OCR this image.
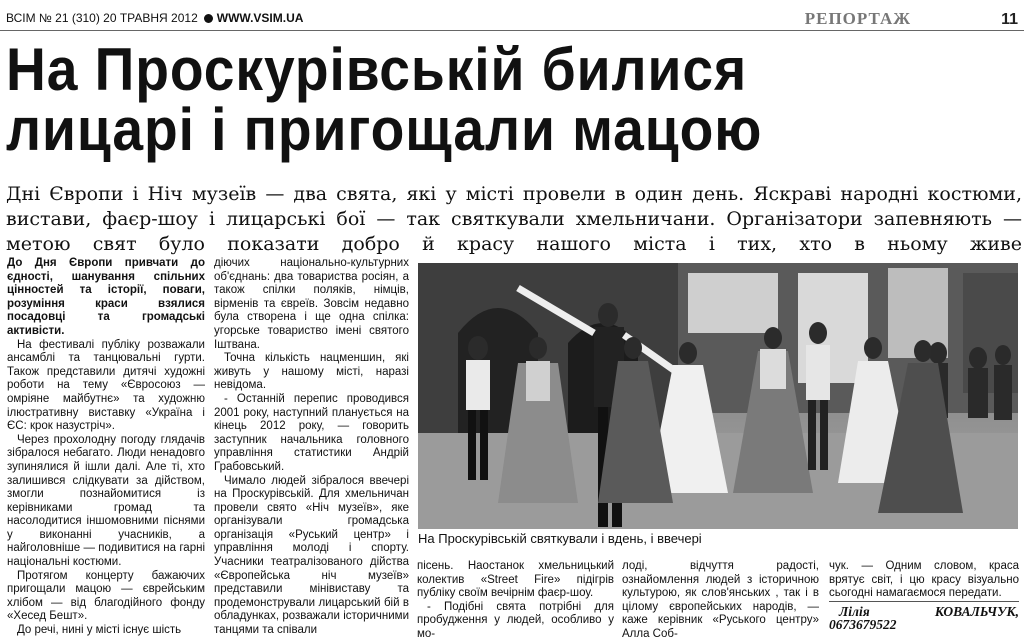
ВСІМ № 21 (310) 20 ТРАВНЯ 2012 WWW.VSIM.UA	РЕПОРТАЖ	11
На Проскурівській билися
лицарі і пригощали мацою
Дні Європи і Ніч музеїв — два свята, які у місті провели в один день. Яскраві народні костюми, вистави, фаєр-шоу і лицарські бої — так святкували хмельничани. Організатори запевняють — метою свят було показати добро й красу нашого міста і тих, хто в ньому живе

До Дня Європи привчати до єдності, шанування спільних цінностей та історії, поваги, розуміння краси взялися посадовці та громадські активісти.

На фестивалі публіку розважали ансамблі та танцювальні гурти. Також представили дитячі художні роботи на тему «Євросоюз — омріяне майбутнє» та художню ілюстративну виставку «Україна і ЄС: крок назустріч».

Через прохолодну погоду глядачів зібралося небагато. Люди ненадовго зупинялися й ішли далі. Але ті, хто залишився слідкувати за дійством, змогли познайомитися із керівниками громад та насолодитися іншомовними піснями у виконанні учасників, а найголовніше — подивитися на гарні національні костюми.

Протягом концерту бажаючих пригощали мацою — єврейським хлібом — від благодійного фонду «Хесед Бешт».

До речі, нині у місті існує шість

діючих національно-культурних об'єднань: два товариства росіян, а також спілки поляків, німців, вірменів та євреїв. Зовсім недавно була створена і ще одна спілка: угорське товариство імені святого Іштвана.

Точна кількість нацменшин, які живуть у нашому місті, наразі невідома.

- Останній перепис проводився 2001 року, наступний планується на кінець 2012 року, — говорить заступник начальника головного управління статистики Андрій Грабовський.

Чимало людей зібралося ввечері на Проскурівській. Для хмельничан провели свято «Ніч музеїв», яке організували громадська організація «Руський центр» і управління молоді і спорту. Учасники театралізованого дійства «Європейська ніч музеїв» представили мінівиставу та продемонстрували лицарський бій в обладунках, розважали історичними танцями та співали

На Проскурівській святкували і вдень, і ввечері

пісень. Наостанок хмельницький колектив «Street Fire» підігрів публіку своїм вечірнім фаєр-шоу.

- Подібні свята потрібні для пробудження у людей, особливо у мо-

лоді, відчуття радості, ознайомлення людей з історичною культурою, як слов'янських , так і в цілому європейських народів, — каже керівник «Руського центру» Алла Соб-

чук. — Одним словом, краса врятує світ, і цю красу візуально сьогодні намагаємося передати.

Лілія КОВАЛЬЧУК, 0673679522
